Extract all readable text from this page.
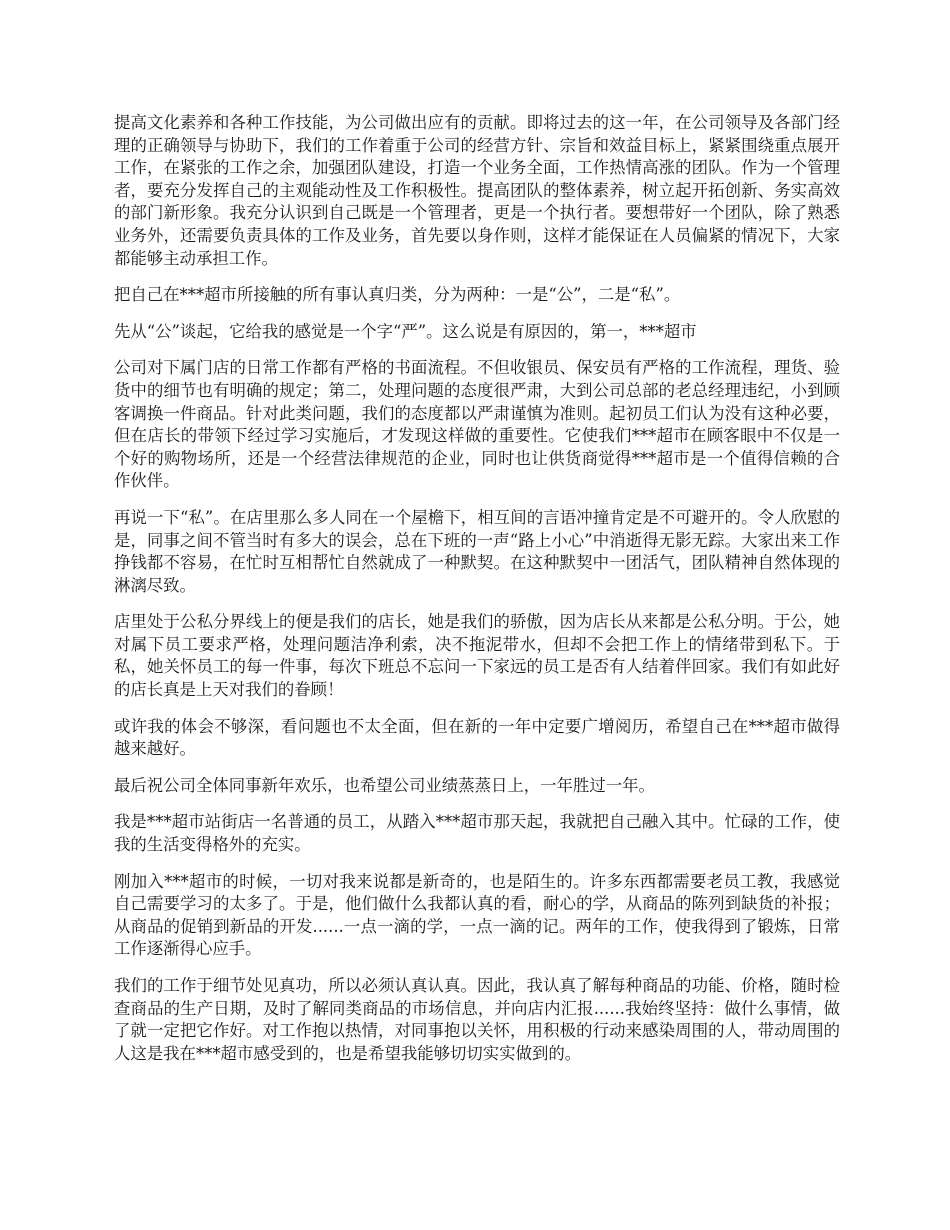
提高文化素养和各种工作技能，为公司做出应有的贡献。即将过去的这一年，在公司领导及各部门经理的正确领导与协助下，我们的工作着重于公司的经营方针、宗旨和效益目标上，紧紧围绕重点展开工作，在紧张的工作之余，加强团队建设，打造一个业务全面，工作热情高涨的团队。作为一个管理者，要充分发挥自己的主观能动性及工作积极性。提高团队的整体素养，树立起开拓创新、务实高效的部门新形象。我充分认识到自己既是一个管理者，更是一个执行者。要想带好一个团队，除了熟悉业务外，还需要负责具体的工作及业务，首先要以身作则，这样才能保证在人员偏紧的情况下，大家都能够主动承担工作。

把自己在***超市所接触的所有事认真归类，分为两种：一是“公”，二是“私”。

先从“公”谈起，它给我的感觉是一个字“严”。这么说是有原因的，第一，***超市

公司对下属门店的日常工作都有严格的书面流程。不但收银员、保安员有严格的工作流程，理货、验货中的细节也有明确的规定；第二，处理问题的态度很严肃，大到公司总部的老总经理违纪，小到顾客调换一件商品。针对此类问题，我们的态度都以严肃谨慎为准则。起初员工们认为没有这种必要，但在店长的带领下经过学习实施后，才发现这样做的重要性。它使我们***超市在顾客眼中不仅是一个好的购物场所，还是一个经营法律规范的企业，同时也让供货商觉得***超市是一个值得信赖的合作伙伴。

再说一下“私”。在店里那么多人同在一个屋檐下，相互间的言语冲撞肯定是不可避开的。令人欣慰的是，同事之间不管当时有多大的误会，总在下班的一声“路上小心”中消逝得无影无踪。大家出来工作挣钱都不容易，在忙时互相帮忙自然就成了一种默契。在这种默契中一团活气，团队精神自然体现的淋漓尽致。

店里处于公私分界线上的便是我们的店长，她是我们的骄傲，因为店长从来都是公私分明。于公，她对属下员工要求严格，处理问题洁净利索，决不拖泥带水，但却不会把工作上的情绪带到私下。于私，她关怀员工的每一件事，每次下班总不忘问一下家远的员工是否有人结着伴回家。我们有如此好的店长真是上天对我们的眷顾！

或许我的体会不够深，看问题也不太全面，但在新的一年中定要广增阅历，希望自己在***超市做得越来越好。

最后祝公司全体同事新年欢乐，也希望公司业绩蒸蒸日上，一年胜过一年。

我是***超市站街店一名普通的员工，从踏入***超市那天起，我就把自己融入其中。忙碌的工作，使我的生活变得格外的充实。

刚加入***超市的时候，一切对我来说都是新奇的，也是陌生的。许多东西都需要老员工教，我感觉自己需要学习的太多了。于是，他们做什么我都认真的看，耐心的学，从商品的陈列到缺货的补报；从商品的促销到新品的开发......一点一滴的学，一点一滴的记。两年的工作，使我得到了锻炼，日常工作逐渐得心应手。

我们的工作于细节处见真功，所以必须认真认真。因此，我认真了解每种商品的功能、价格，随时检查商品的生产日期，及时了解同类商品的市场信息，并向店内汇报......我始终坚持：做什么事情，做了就一定把它作好。对工作抱以热情，对同事抱以关怀，用积极的行动来感染周围的人，带动周围的人这是我在***超市感受到的，也是希望我能够切切实实做到的。
